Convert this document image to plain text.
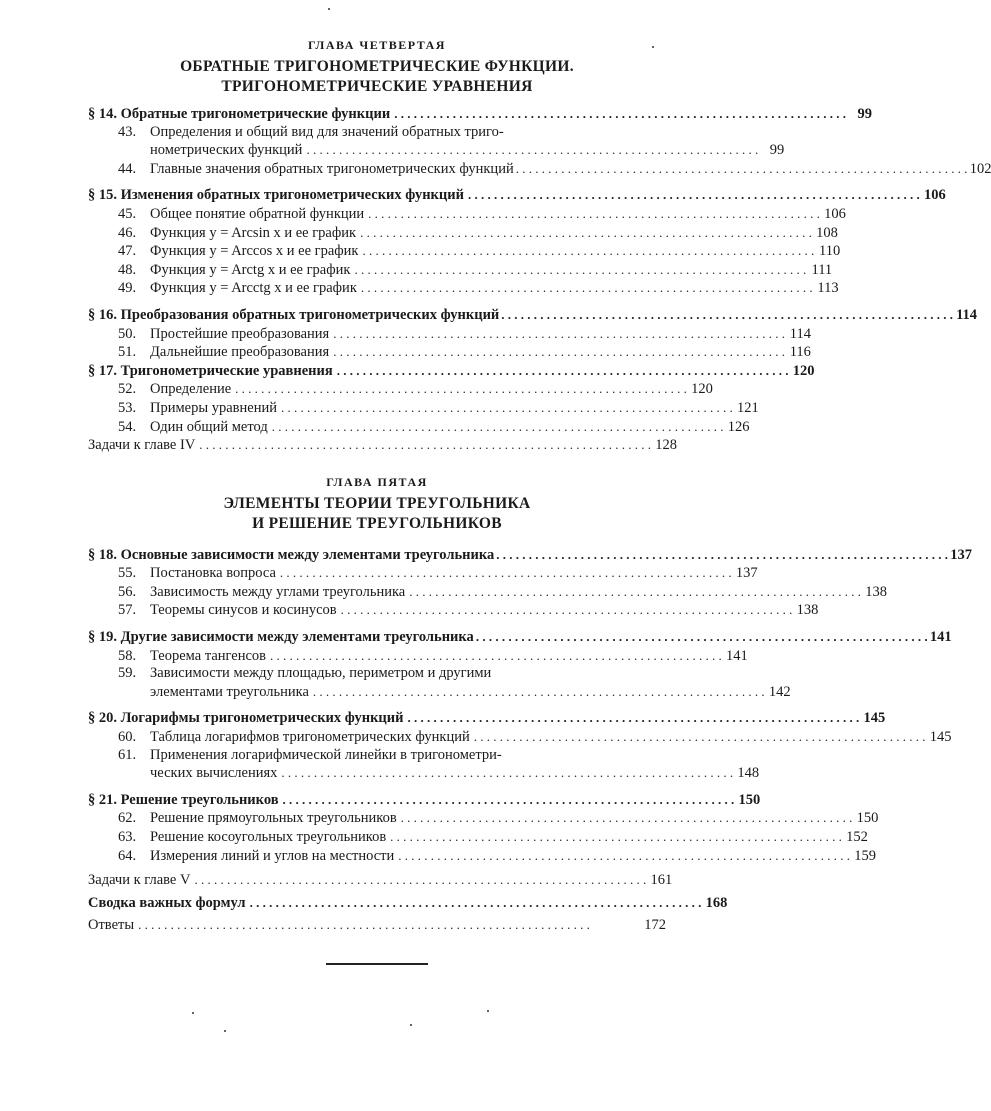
ГЛАВА ЧЕТВЕРТАЯ
ОБРАТНЫЕ ТРИГОНОМЕТРИЧЕСКИЕ ФУНКЦИИ.
ТРИГОНОМЕТРИЧЕСКИЕ УРАВНЕНИЯ
§ 14. Обратные тригонометрические функции . . .	99
43. Определения и общий вид для значений обратных триго-
нометрических функций . . .	99
44. Главные значения обратных тригонометрических функций . . .	102
§ 15. Изменения обратных тригонометрических функций . . .	106
45. Общее понятие обратной функции . . .	106
46. Функция y = Arcsin x и ее график . . .	108
47. Функция y = Arccos x и ее график . . .	110
48. Функция y = Arctg x и ее график . . .	111
49. Функция y = Arcctg x и ее график . . .	113
§ 16. Преобразования обратных тригонометрических функций . . .	114
50. Простейшие преобразования . . .	114
51. Дальнейшие преобразования . . .	116
§ 17. Тригонометрические уравнения . . .	120
52. Определение . . .	120
53. Примеры уравнений . . .	121
54. Один общий метод . . .	126
Задачи к главе IV . . .	128
ГЛАВА ПЯТАЯ
ЭЛЕМЕНТЫ ТЕОРИИ ТРЕУГОЛЬНИКА
И РЕШЕНИЕ ТРЕУГОЛЬНИКОВ
§ 18. Основные зависимости между элементами треугольника . . .	137
55. Постановка вопроса . . .	137
56. Зависимость между углами треугольника . . .	138
57. Теоремы синусов и косинусов . . .	138
§ 19. Другие зависимости между элементами треугольника . . .	141
58. Теорема тангенсов . . .	141
59. Зависимости между площадью, периметром и другими
элементами треугольника . . .	142
§ 20. Логарифмы тригонометрических функций . . .	145
60. Таблица логарифмов тригонометрических функций . . .	145
61. Применения логарифмической линейки в тригонометри-
ческих вычислениях . . .	148
§ 21. Решение треугольников . . .	150
62. Решение прямоугольных треугольников . . .	150
63. Решение косоугольных треугольников . . .	152
64. Измерения линий и углов на местности . . .	159
Задачи к главе V . . .	161
Сводка важных формул . . .	168
Ответы . . .	172
